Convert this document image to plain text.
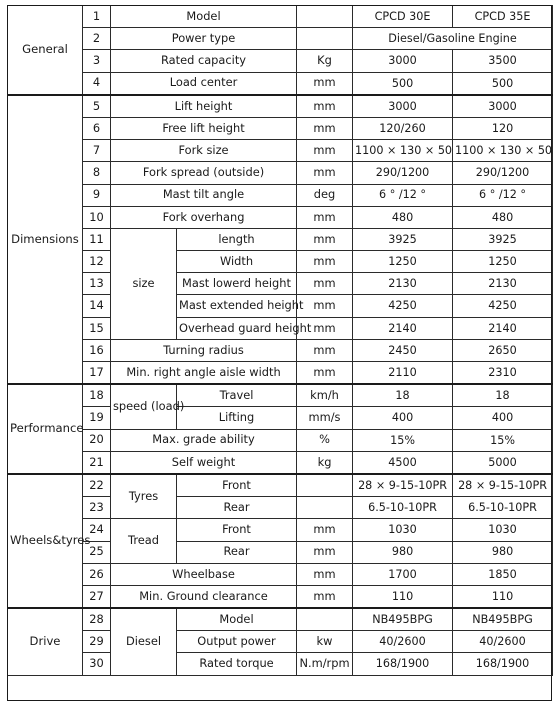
General	1	Model			CPCD 30E	CPCD 35E
	2	Power type			Diesel/Gasoline Engine	
	3	Rated capacity		Kg	3000	3500
	4	Load center		mm	500	500
Dimensions	5	Lift height		mm	3000	3000
	6	Free lift height		mm	120/260	120
	7	Fork size		mm	1100 × 130 × 50	1100 × 130 × 50
	8	Fork spread (outside)		mm	290/1200	290/1200
	9	Mast tilt angle		deg	6 ° /12 °	6 ° /12 °
	10	Fork overhang		mm	480	480
	11	size	length	mm	3925	3925
	12		Width	mm	1250	1250
	13		Mast lowerd height	mm	2130	2130
	14		Mast extended height	mm	4250	4250
	15		Overhead guard height	mm	2140	2140
	16	Turning radius		mm	2450	2650
	17	Min. right angle aisle width		mm	2110	2310
Performance	18	speed (load)	Travel	km/h	18	18
	19		Lifting	mm/s	400	400
	20	Max. grade ability		%	15%	15%
	21	Self weight		kg	4500	5000
Wheels&tyres	22	Tyres	Front		28 × 9-15-10PR	28 × 9-15-10PR
	23		Rear		6.5-10-10PR	6.5-10-10PR
	24	Tread	Front	mm	1030	1030
	25		Rear	mm	980	980
	26	Wheelbase		mm	1700	1850
	27	Min. Ground clearance		mm	110	110
Drive	28	Diesel	Model		NB495BPG	NB495BPG
	29		Output power	kw	40/2600	40/2600
	30		Rated torque	N.m/rpm	168/1900	168/1900
